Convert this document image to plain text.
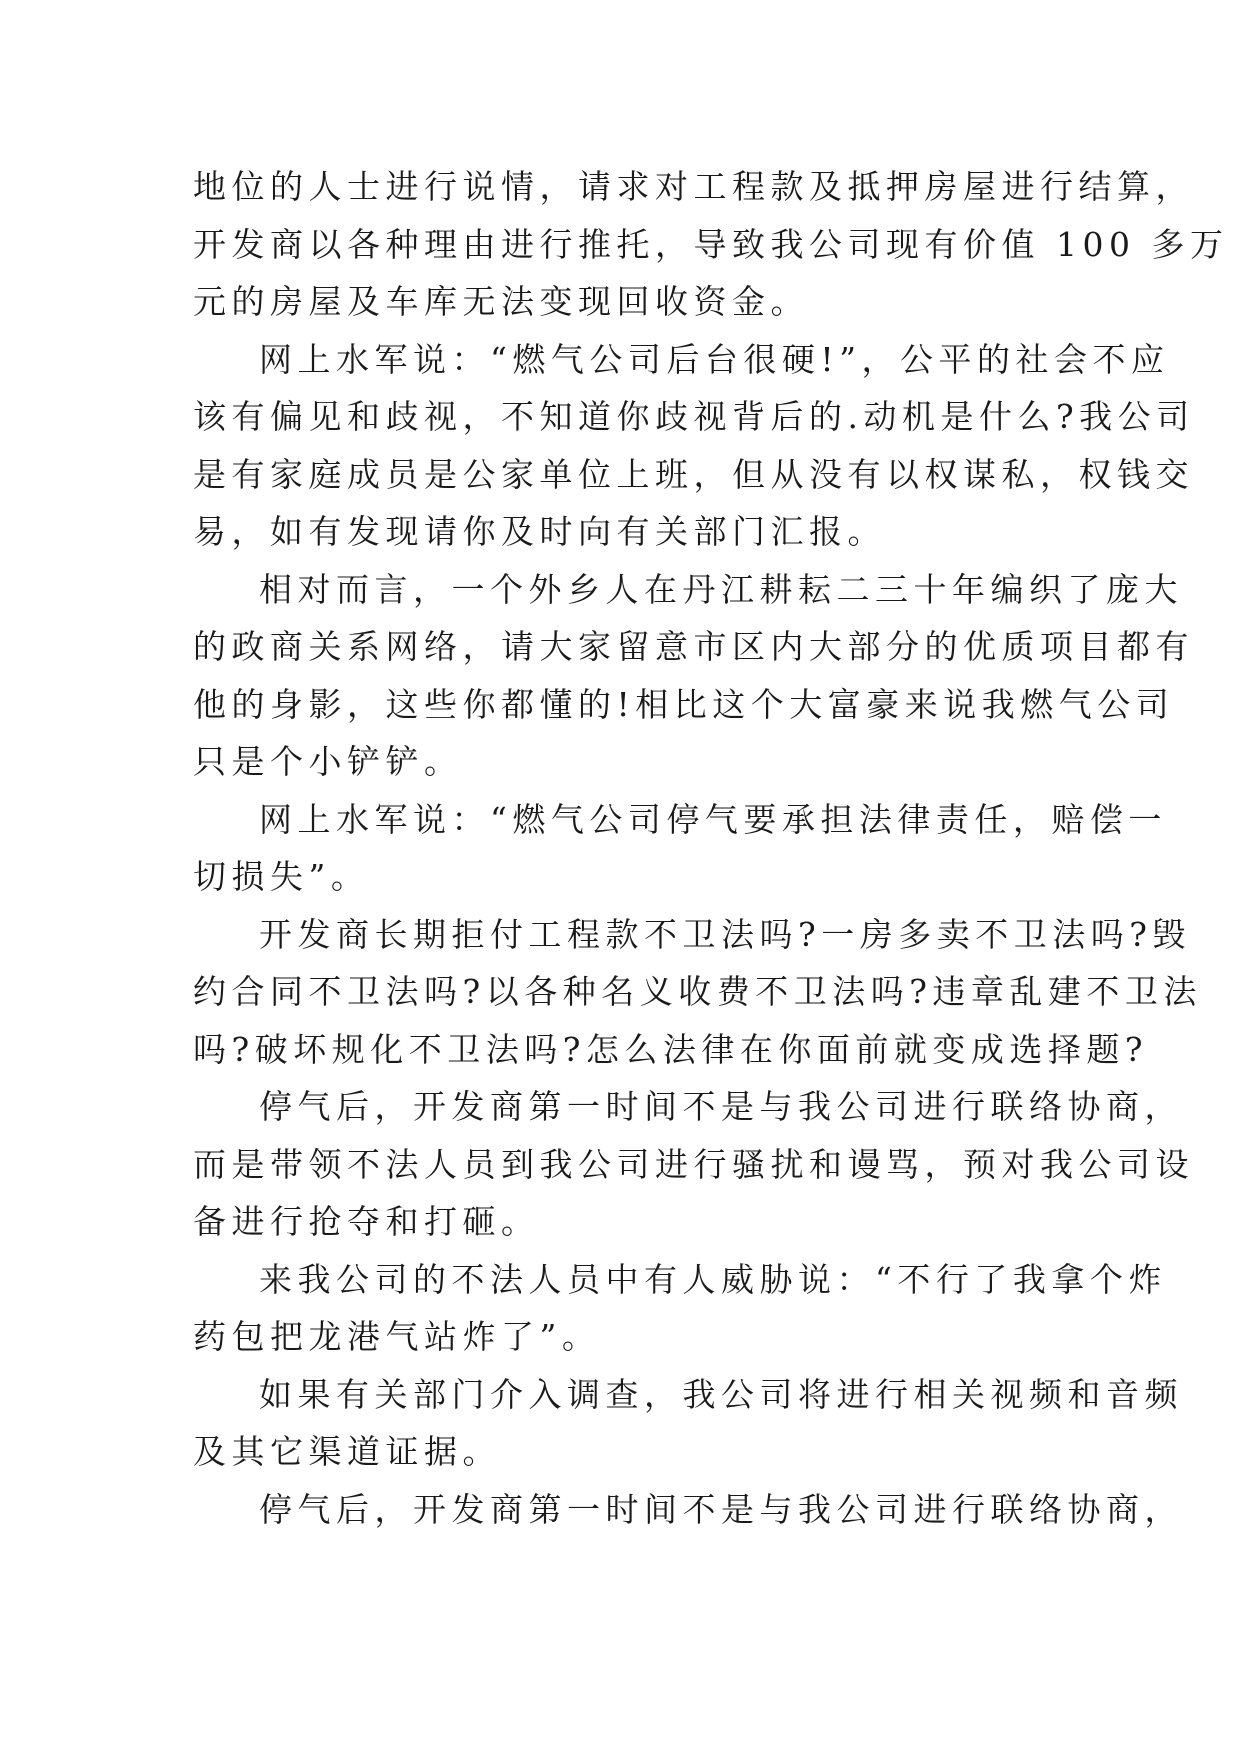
地位的人士进行说情，请求对工程款及抵押房屋进行结算，
开发商以各种理由进行推托，导致我公司现有价值 100 多万
元的房屋及车库无法变现回收资金。

网上水军说：“燃气公司后台很硬!”，公平的社会不应
该有偏见和歧视，不知道你歧视背后的.动机是什么?我公司
是有家庭成员是公家单位上班，但从没有以权谋私，权钱交
易，如有发现请你及时向有关部门汇报。

相对而言，一个外乡人在丹江耕耘二三十年编织了庞大
的政商关系网络，请大家留意市区内大部分的优质项目都有
他的身影，这些你都懂的!相比这个大富豪来说我燃气公司
只是个小铲铲。

网上水军说：“燃气公司停气要承担法律责任，赔偿一
切损失”。

开发商长期拒付工程款不卫法吗?一房多卖不卫法吗?毁
约合同不卫法吗?以各种名义收费不卫法吗?违章乱建不卫法
吗?破坏规化不卫法吗?怎么法律在你面前就变成选择题?

停气后，开发商第一时间不是与我公司进行联络协商，
而是带领不法人员到我公司进行骚扰和谩骂，预对我公司设
备进行抢夺和打砸。

来我公司的不法人员中有人威胁说：“不行了我拿个炸
药包把龙港气站炸了”。

如果有关部门介入调查，我公司将进行相关视频和音频
及其它渠道证据。

停气后，开发商第一时间不是与我公司进行联络协商，
